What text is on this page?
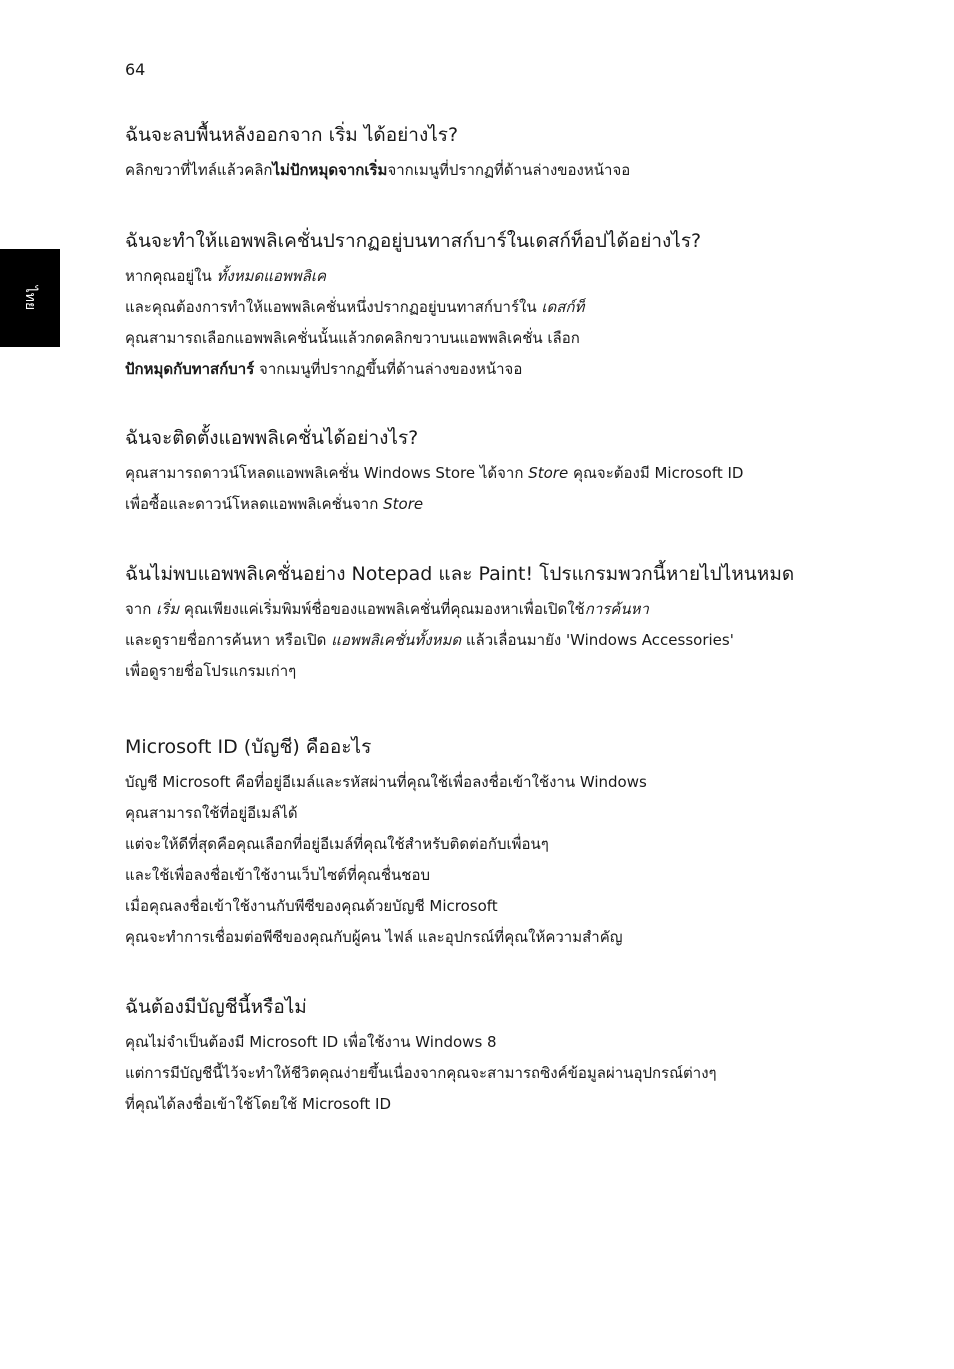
64
ไทย
ฉันจะลบพื้นหลังออกจาก เริ่ม ได้อย่างไร?
คลิกขวาที่ไทล์แล้วคลิกไม่ปักหมุดจากเริ่มจากเมนูที่ปรากฏที่ด้านล่างของหน้าจอ
ฉันจะทำให้แอพพลิเคชั่นปรากฏอยู่บนทาสก์บาร์ในเดสก์ท็อปได้อย่างไร?
หากคุณอยู่ใน ทั้งหมดแอพพลิเค
และคุณต้องการทำให้แอพพลิเคชั่นหนึ่งปรากฏอยู่บนทาสก์บาร์ใน เดสก์ท็
คุณสามารถเลือกแอพพลิเคชั่นนั้นแล้วกดคลิกขวาบนแอพพลิเคชั่น เลือก
ปักหมุดกับทาสก์บาร์ จากเมนูที่ปรากฏขึ้นที่ด้านล่างของหน้าจอ
ฉันจะติดตั้งแอพพลิเคชั่นได้อย่างไร?
คุณสามารถดาวน์โหลดแอพพลิเคชั่น Windows Store ได้จาก Store คุณจะต้องมี Microsoft ID
เพื่อซื้อและดาวน์โหลดแอพพลิเคชั่นจาก Store
ฉันไม่พบแอพพลิเคชั่นอย่าง Notepad และ Paint! โปรแกรมพวกนี้หายไปไหนหมด
จาก เริ่ม คุณเพียงแค่เริ่มพิมพ์ชื่อของแอพพลิเคชั่นที่คุณมองหาเพื่อเปิดใช้การค้นหา
และดูรายชื่อการค้นหา หรือเปิด แอพพลิเคชั่นทั้งหมด แล้วเลื่อนมายัง 'Windows Accessories'
เพื่อดูรายชื่อโปรแกรมเก่าๆ
Microsoft ID (บัญชี) คืออะไร
บัญชี Microsoft คือที่อยู่อีเมล์และรหัสผ่านที่คุณใช้เพื่อลงชื่อเข้าใช้งาน Windows
คุณสามารถใช้ที่อยู่อีเมล์ได้
แต่จะให้ดีที่สุดคือคุณเลือกที่อยู่อีเมล์ที่คุณใช้สำหรับติดต่อกับเพื่อนๆ
และใช้เพื่อลงชื่อเข้าใช้งานเว็บไซต์ที่คุณชื่นชอบ
เมื่อคุณลงชื่อเข้าใช้งานกับพีซีของคุณด้วยบัญชี Microsoft
คุณจะทำการเชื่อมต่อพีซีของคุณกับผู้คน ไฟล์ และอุปกรณ์ที่คุณให้ความสำคัญ
ฉันต้องมีบัญชีนี้หรือไม่
คุณไม่จำเป็นต้องมี Microsoft ID เพื่อใช้งาน Windows 8
แต่การมีบัญชีนี้ไว้จะทำให้ชีวิตคุณง่ายขึ้นเนื่องจากคุณจะสามารถซิงค์ข้อมูลผ่านอุปกรณ์ต่างๆ
ที่คุณได้ลงชื่อเข้าใช้โดยใช้ Microsoft ID
